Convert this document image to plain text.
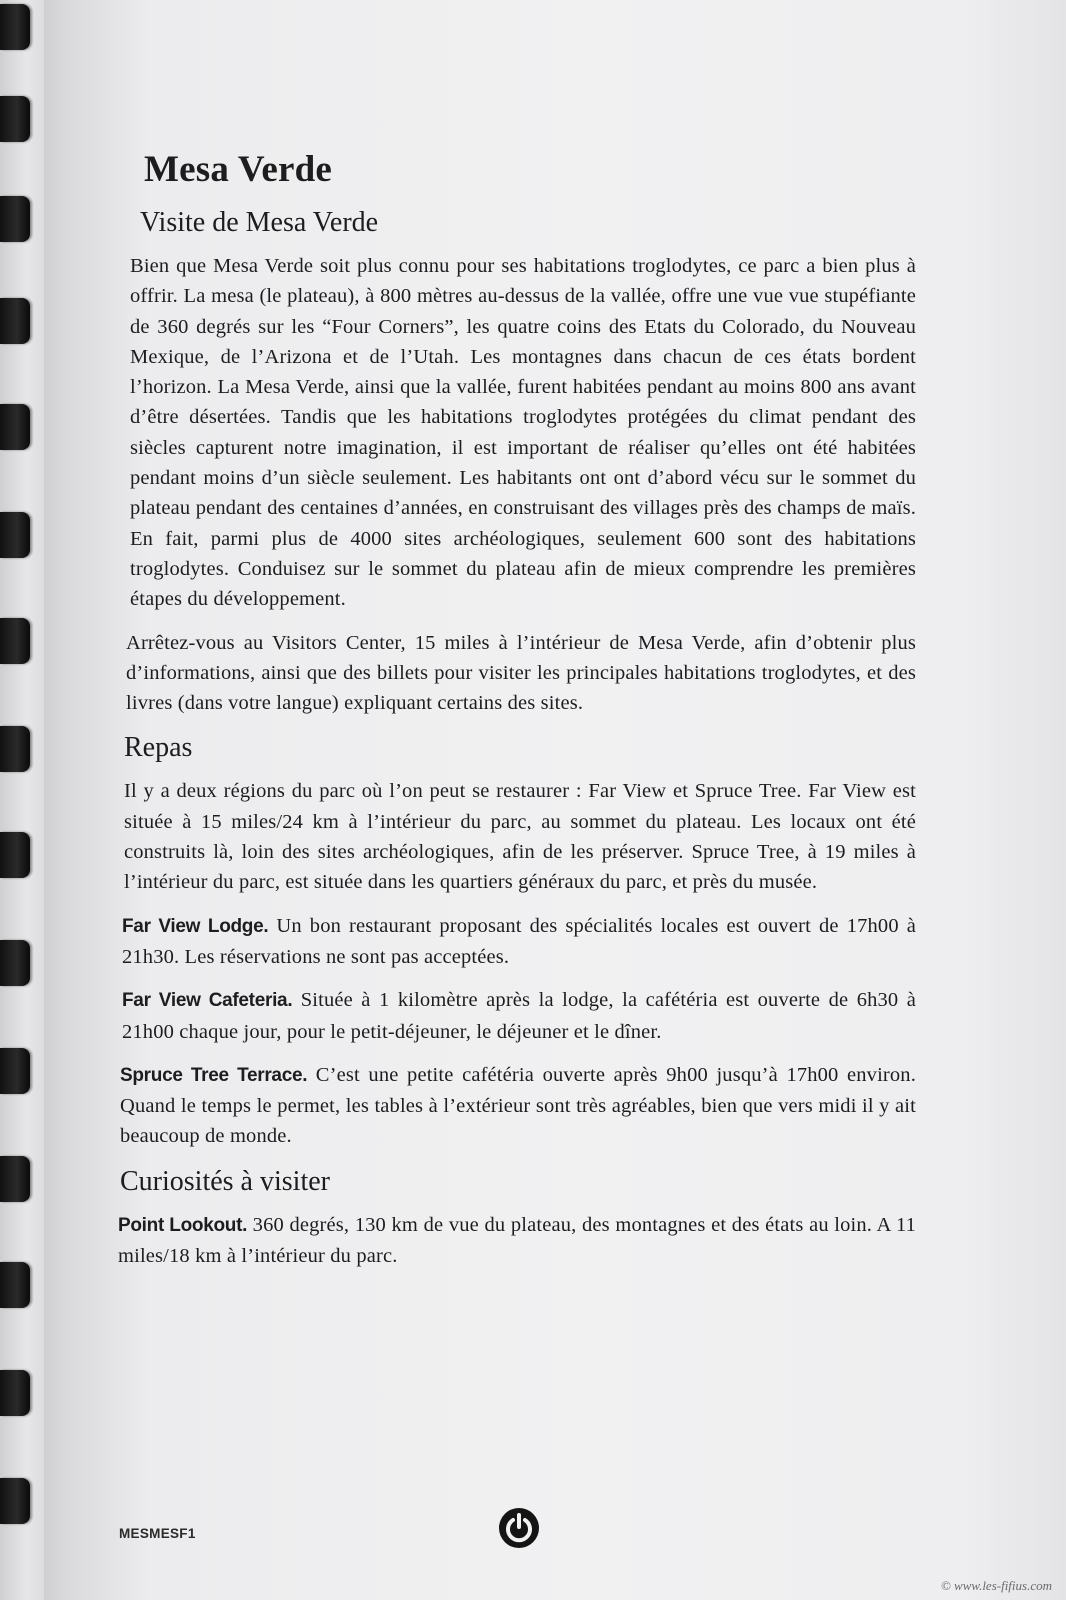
Mesa Verde
Visite de Mesa Verde

Bien que Mesa Verde soit plus connu pour ses habitations troglodytes, ce parc a bien plus à offrir. La mesa (le plateau), à 800 mètres au-dessus de la vallée, offre une vue vue stupéfiante de 360 degrés sur les “Four Corners”, les quatre coins des Etats du Colorado, du Nouveau Mexique, de l’Arizona et de l’Utah. Les montagnes dans chacun de ces états bordent l’horizon. La Mesa Verde, ainsi que la vallée, furent habitées pendant au moins 800 ans avant d’être désertées. Tandis que les habitations troglodytes protégées du climat pendant des siècles capturent notre imagination, il est important de réaliser qu’elles ont été habitées pendant moins d’un siècle seulement. Les habitants ont ont d’abord vécu sur le sommet du plateau pendant des centaines d’années, en construisant des villages près des champs de maïs. En fait, parmi plus de 4000 sites archéologiques, seulement 600 sont des habitations troglodytes. Conduisez sur le sommet du plateau afin de mieux comprendre les premières étapes du développement.

Arrêtez-vous au Visitors Center, 15 miles à l’intérieur de Mesa Verde, afin d’obtenir plus d’informations, ainsi que des billets pour visiter les principales habitations troglodytes, et des livres (dans votre langue) expliquant certains des sites.

Repas

Il y a deux régions du parc où l’on peut se restaurer : Far View et Spruce Tree. Far View est située à 15 miles/24 km à l’intérieur du parc, au sommet du plateau. Les locaux ont été construits là, loin des sites archéologiques, afin de les préserver. Spruce Tree, à 19 miles à l’intérieur du parc, est située dans les quartiers généraux du parc, et près du musée.

Far View Lodge. Un bon restaurant proposant des spécialités locales est ouvert de 17h00 à 21h30. Les réservations ne sont pas acceptées.

Far View Cafeteria. Située à 1 kilomètre après la lodge, la cafétéria est ouverte de 6h30 à 21h00 chaque jour, pour le petit-déjeuner, le déjeuner et le dîner.

Spruce Tree Terrace. C’est une petite cafétéria ouverte après 9h00 jusqu’à 17h00 environ. Quand le temps le permet, les tables à l’extérieur sont très agréables, bien que vers midi il y ait beaucoup de monde.

Curiosités à visiter

Point Lookout. 360 degrés, 130 km de vue du plateau, des montagnes et des états au loin. A 11 miles/18 km à l’intérieur du parc.

MESMESF1
© www.les-fifius.com
